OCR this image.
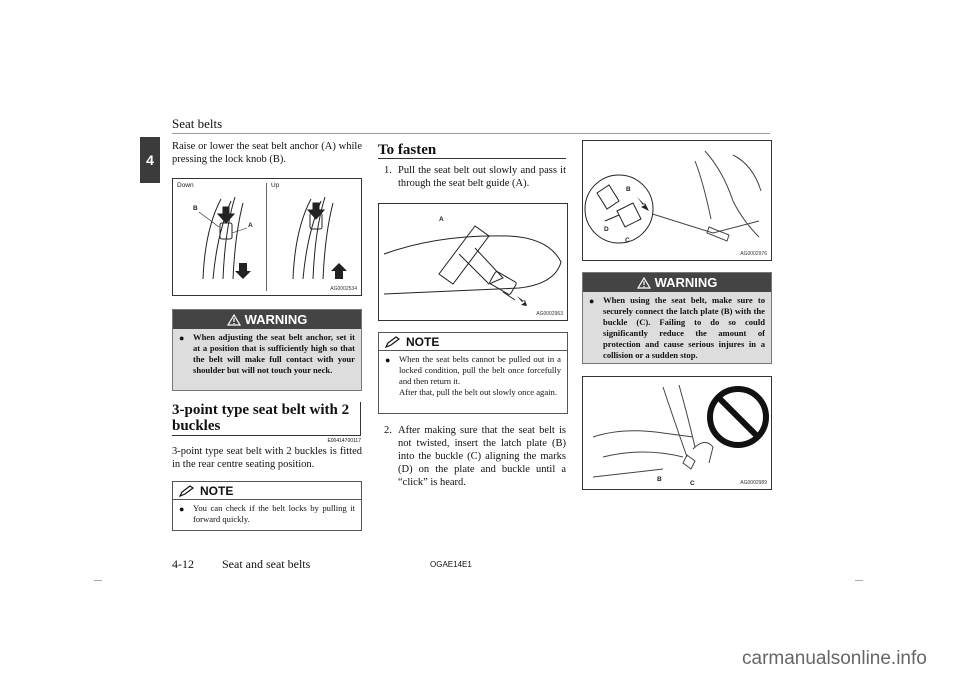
Seat belts
4
Raise or lower the seat belt anchor (A) while pressing the lock knob (B).
Down	Up
B
A
AG0002534
WARNING
● When adjusting the seat belt anchor, set it at a position that is sufficiently high so that the belt will make full contact with your shoulder but will not touch your neck.
3-point type seat belt with 2 buckles
E00414700117
3-point type seat belt with 2 buckles is fitted in the rear centre seating position.
NOTE
● You can check if the belt locks by pulling it forward quickly.
To fasten
1. Pull the seat belt out slowly and pass it through the seat belt guide (A).
A
AG0002963
NOTE
● When the seat belts cannot be pulled out in a locked condition, pull the belt once forcefully and then return it.
After that, pull the belt out slowly once again.
2. After making sure that the seat belt is not twisted, insert the latch plate (B) into the buckle (C) aligning the marks (D) on the plate and buckle until a “click” is heard.
B
D
C
AG0002976
WARNING
● When using the seat belt, make sure to securely connect the latch plate (B) with the buckle (C). Failing to do so could significantly reduce the amount of protection and cause serious injures in a collision or a sudden stop.
B
C	AG0002989
4-12 Seat and seat belts	OGAE14E1
carmanualsonline.info
